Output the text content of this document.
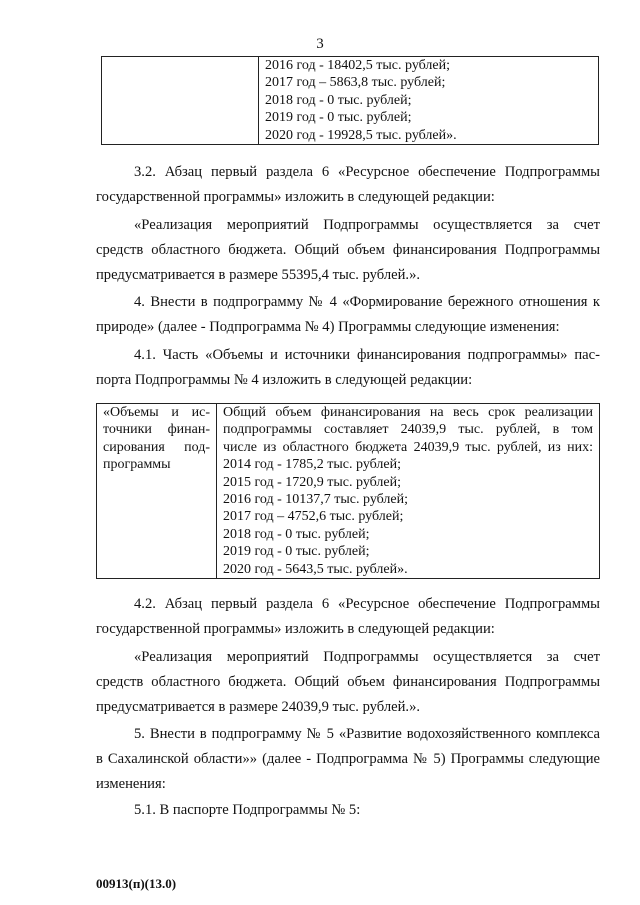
3

2016 год - 18402,5 тыс. рублей;
2017 год – 5863,8 тыс. рублей;
2018 год - 0 тыс. рублей;
2019 год - 0 тыс. рублей;
2020 год - 19928,5 тыс. рублей».
3.2. Абзац первый раздела 6 «Ресурсное обеспечение Подпрограммы
государственной программы» изложить в следующей редакции:
«Реализация мероприятий Подпрограммы осуществляется за счет
средств областного бюджета. Общий объем финансирования Подпрограммы
предусматривается в размере 55395,4 тыс. рублей.».
4. Внести в подпрограмму № 4 «Формирование бережного отношения к
природе» (далее - Подпрограмма № 4) Программы следующие изменения:
4.1. Часть «Объемы и источники финансирования подпрограммы» пас-
порта Подпрограммы № 4 изложить в следующей редакции:
«Объемы и ис-
точники финан-
сирования под-
программы

Общий объем финансирования на весь срок реализации
подпрограммы составляет 24039,9 тыс. рублей, в том
числе из областного бюджета 24039,9 тыс. рублей, из них:
2014 год - 1785,2 тыс. рублей;
2015 год - 1720,9 тыс. рублей;
2016 год - 10137,7 тыс. рублей;
2017 год – 4752,6 тыс. рублей;
2018 год - 0 тыс. рублей;
2019 год - 0 тыс. рублей;
2020 год - 5643,5 тыс. рублей».
4.2. Абзац первый раздела 6 «Ресурсное обеспечение Подпрограммы
государственной программы» изложить в следующей редакции:
«Реализация мероприятий Подпрограммы осуществляется за счет
средств областного бюджета. Общий объем финансирования Подпрограммы
предусматривается в размере 24039,9 тыс. рублей.».
5. Внести в подпрограмму № 5 «Развитие водохозяйственного комплекса
в Сахалинской области»» (далее - Подпрограмма № 5) Программы следующие
изменения:
5.1. В паспорте Подпрограммы № 5:
00913(п)(13.0)
